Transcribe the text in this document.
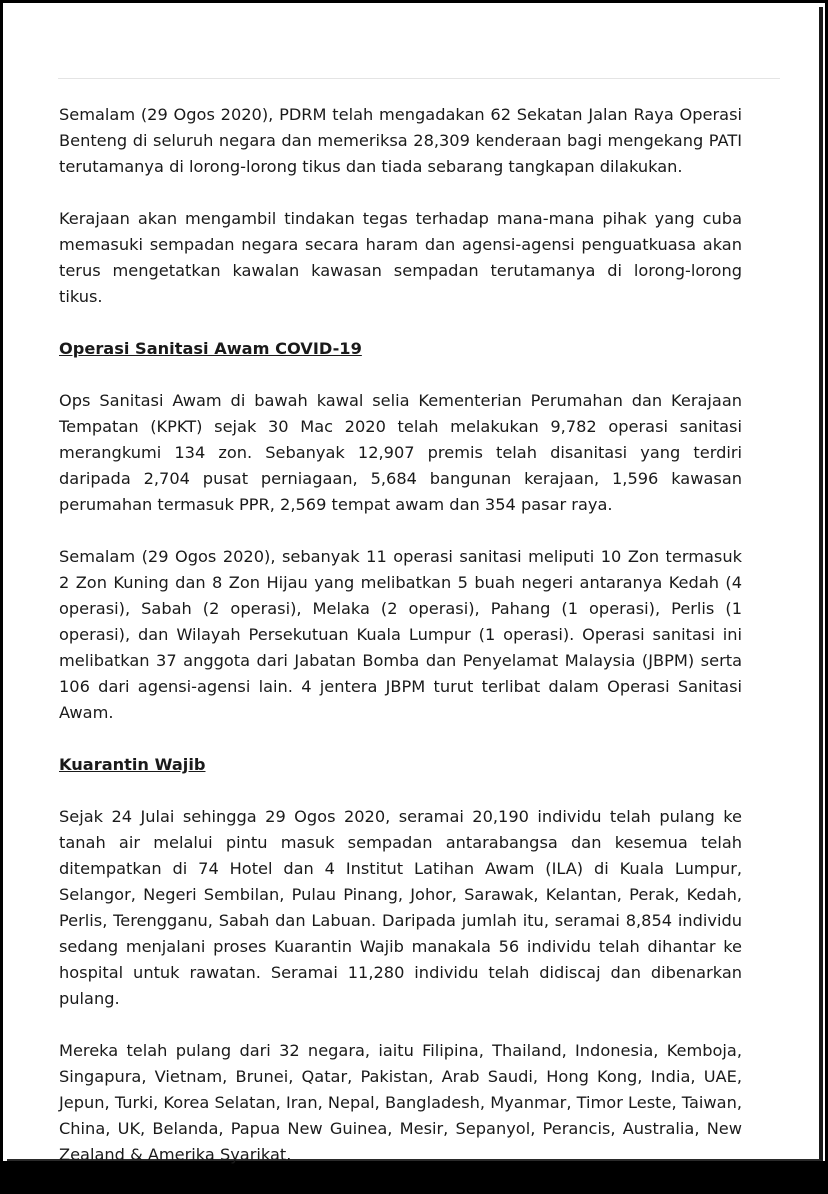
Semalam (29 Ogos 2020), PDRM telah mengadakan 62 Sekatan Jalan Raya Operasi Benteng di seluruh negara dan memeriksa 28,309 kenderaan bagi mengekang PATI terutamanya di lorong-lorong tikus dan tiada sebarang tangkapan dilakukan.

Kerajaan akan mengambil tindakan tegas terhadap mana-mana pihak yang cuba memasuki sempadan negara secara haram dan agensi-agensi penguatkuasa akan terus mengetatkan kawalan kawasan sempadan terutamanya di lorong-lorong tikus.

Operasi Sanitasi Awam COVID-19

Ops Sanitasi Awam di bawah kawal selia Kementerian Perumahan dan Kerajaan Tempatan (KPKT) sejak 30 Mac 2020 telah melakukan 9,782 operasi sanitasi merangkumi 134 zon. Sebanyak 12,907 premis telah disanitasi yang terdiri daripada 2,704 pusat perniagaan, 5,684 bangunan kerajaan, 1,596 kawasan perumahan termasuk PPR, 2,569 tempat awam dan 354 pasar raya.

Semalam (29 Ogos 2020), sebanyak 11 operasi sanitasi meliputi 10 Zon termasuk 2 Zon Kuning dan 8 Zon Hijau yang melibatkan 5 buah negeri antaranya Kedah (4 operasi), Sabah (2 operasi), Melaka (2 operasi), Pahang (1 operasi), Perlis (1 operasi), dan Wilayah Persekutuan Kuala Lumpur (1 operasi). Operasi sanitasi ini melibatkan 37 anggota dari Jabatan Bomba dan Penyelamat Malaysia (JBPM) serta 106 dari agensi-agensi lain. 4 jentera JBPM turut terlibat dalam Operasi Sanitasi Awam.

Kuarantin Wajib

Sejak 24 Julai sehingga 29 Ogos 2020, seramai 20,190 individu telah pulang ke tanah air melalui pintu masuk sempadan antarabangsa dan kesemua telah ditempatkan di 74 Hotel dan 4 Institut Latihan Awam (ILA) di Kuala Lumpur, Selangor, Negeri Sembilan, Pulau Pinang, Johor, Sarawak, Kelantan, Perak, Kedah, Perlis, Terengganu, Sabah dan Labuan. Daripada jumlah itu, seramai 8,854 individu sedang menjalani proses Kuarantin Wajib manakala 56 individu telah dihantar ke hospital untuk rawatan. Seramai 11,280 individu telah didiscaj dan dibenarkan pulang.

Mereka telah pulang dari 32 negara, iaitu Filipina, Thailand, Indonesia, Kemboja, Singapura, Vietnam, Brunei, Qatar, Pakistan, Arab Saudi, Hong Kong, India, UAE, Jepun, Turki, Korea Selatan, Iran, Nepal, Bangladesh, Myanmar, Timor Leste, Taiwan, China, UK, Belanda, Papua New Guinea, Mesir, Sepanyol, Perancis, Australia, New Zealand & Amerika Syarikat.
